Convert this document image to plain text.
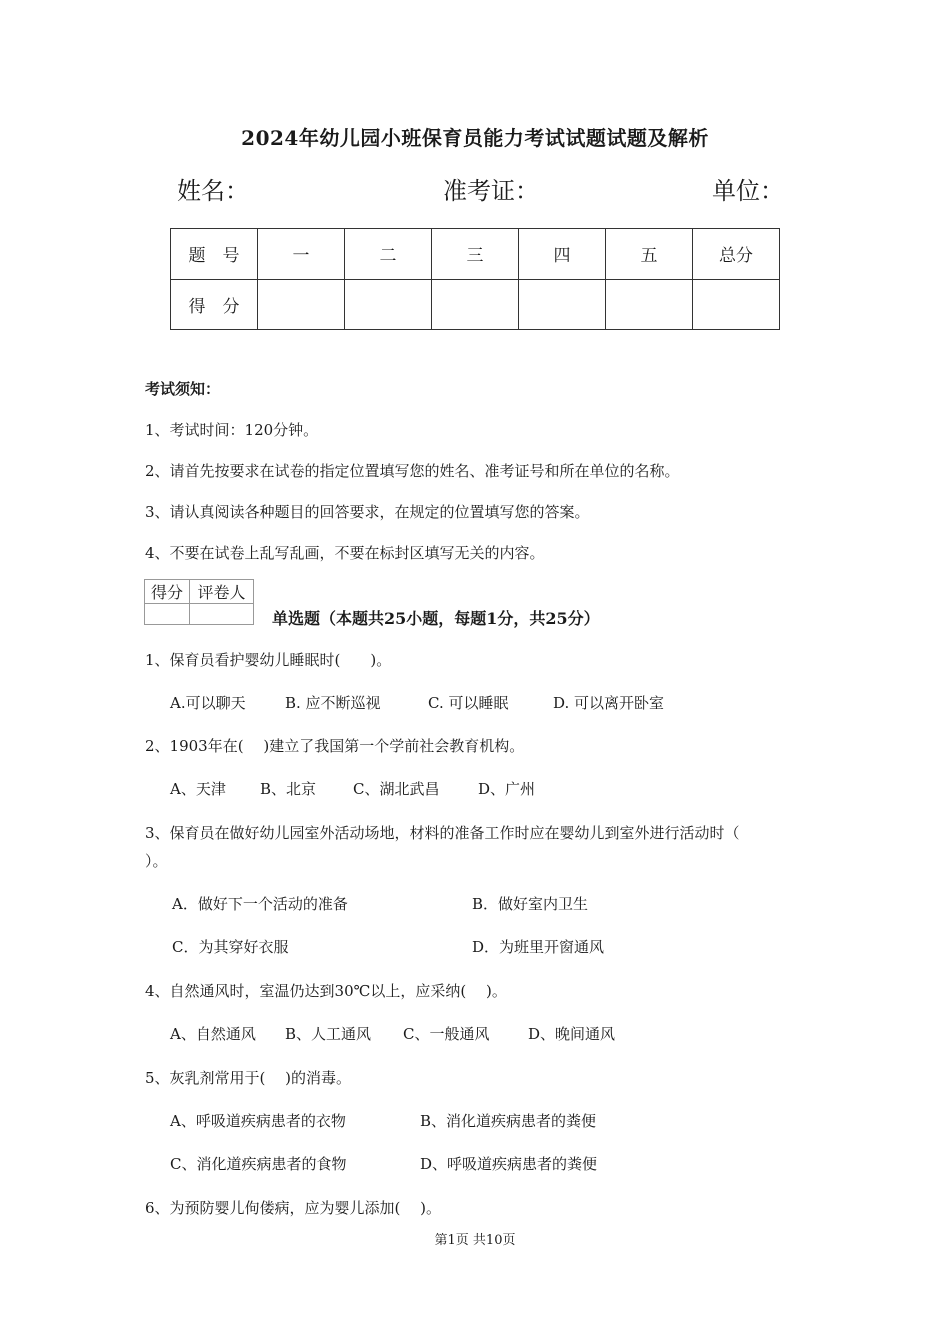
2024年幼儿园小班保育员能力考试试题试题及解析
姓名：	准考证：	单位：
题　号	一	二	三	四	五	总分
得　分						
考试须知：
1、考试时间：120分钟。
2、请首先按要求在试卷的指定位置填写您的姓名、准考证号和所在单位的名称。
3、请认真阅读各种题目的回答要求，在规定的位置填写您的答案。
4、不要在试卷上乱写乱画，不要在标封区填写无关的内容。
得分	评卷人

单选题（本题共25小题，每题1分，共25分）
1、保育员看护婴幼儿睡眠时(　　)。
A.可以聊天	B. 应不断巡视	C. 可以睡眠	D. 可以离开卧室
2、1903年在(　 )建立了我国第一个学前社会教育机构。
A、天津 B、北京 C、湖北武昌	D、广州
3、保育员在做好幼儿园室外活动场地，材料的准备工作时应在婴幼儿到室外进行活动时（
）。
A．做好下一个活动的准备	B．做好室内卫生
C．为其穿好衣服	D．为班里开窗通风
4、自然通风时，室温仍达到30℃以上，应采纳(　 )。
A、自然通风 B、人工通风 C、一般通风	D、晚间通风
5、灰乳剂常用于(　 )的消毒。
A、呼吸道疾病患者的衣物	B、消化道疾病患者的粪便
C、消化道疾病患者的食物	D、呼吸道疾病患者的粪便
6、为预防婴儿佝偻病，应为婴儿添加(　 )。
第1页 共10页
